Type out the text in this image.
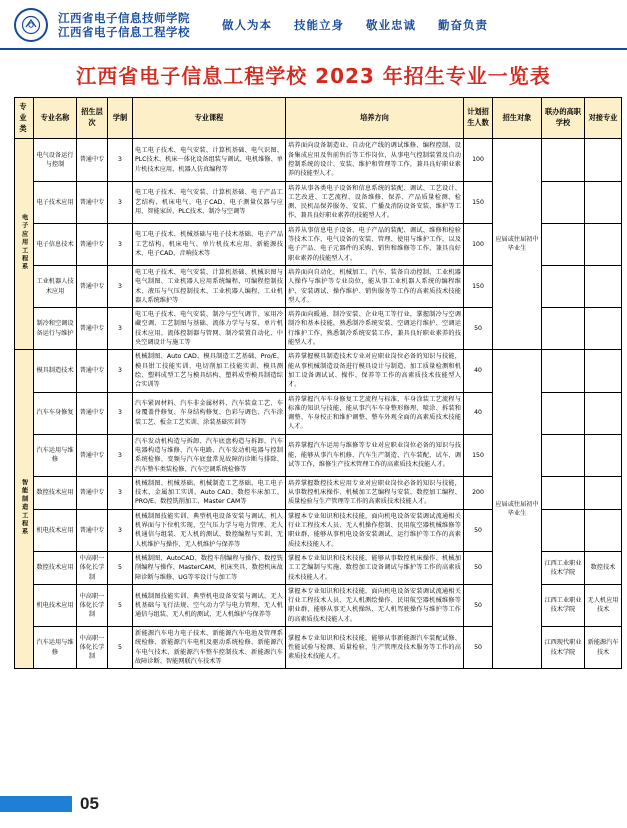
江西省电子信息技师学院
江西省电子信息工程学校	做人为本 技能立身 敬业忠诚 勤奋负责
江西省电子信息工程学校 2023 年招生专业一览表
专业类	专业名称	招生层次	学制	专业课程	培养方向	计划招生人数	招生对象	联办的高职学校	对接专业
电子应用工程系	电气设备运行与控制	普通中专	3	电工电子技术、电气安装、计算机基础、电气识图、PLC技术、机床一体化设备组装与调试、电机维修、单片机技术应用、机器人仿真编程等	培养面向设备制造业、自动化产线的调试维修、编程控制、设备集成应用及售前售后等工作岗位，从事电气控制装置及自动控制系统的设计、安装、维护和管理等工作，兼具良好职业素养的技能型人才。	100	应届或往届初中毕业生		
	电子技术应用	普通中专	3	电工电子技术、电气安装、计算机基础、电子产品工艺结构、机床电气、电子CAD、电子测量仪器与应用、智能家居、PLC技术、制冷与空调等	培养从事各类电子设备和信息系统的装配、调试、工艺设计、工艺改进、工艺流程、设备维修、保养、产品质量检测、检测、民机品保养服务、安装、广播及消防设备安装、维护等工作，兼具良好职业素养的技能型人才。	150			
	电子信息技术	普通中专	3	电工电子技术、机械基础与电子技术基础、电子产品工艺结构、机床电气、单片机技术应用、新能源技术、电子CAD、音响技术等	培养从事信息电子设备、电子产品的装配、调试、维修和检验等技术工作，电气设备的安装、管理、使用与维护工作，以及电子产品、电子元器件的采购、销售和维修等工作，兼具良好职业素养的技能型人才。	100			
	工业机器人技术应用	普通中专	3	电工电子技术、电气安装、计算机基础、机械识图与电气制图、工业机器人应用系统编程、可编程控制技术、液压与气压控制技术、工业机器人编程、工业机器人系统维护等	培养面向自动化、机械加工、汽车、装备自动控制、工业机器人操作与维护等专业岗位，能从事工业机器人系统的编程维护、安装调试、操作维护、销售服务等工作的高素质技术技能型人才。	150			
	制冷和空调设备运行与维护	普通中专	3	电工电子技术、电气安装、制冷与空气调节、家用冷藏空调、工艺制图与基础、流体力学与与泵、单片机技术应用、流体控制器与管网、制冷装置自动化、中央空调设计与施工等	培养面向暖通、制冷安装、企业电工等行业，掌握制冷与空调制冷和基本技能，熟悉制冷系统安装、空调运行维护、空调运行维护工作，熟悉制冷系统安装工作，兼具良好职业素养的技能型人才。	50			
智能制造工程系	模具制造技术	普通中专	3	机械制图、Auto CAD、模具制造工艺基础、Pro/E、模具钳工技能实训、电切削加工技能实训、模具测绘、塑料成型工艺与模具结构、塑料成型模具制造综合实训等	培养掌握模具制造技术专业对应职业岗位必备的知识与技能，能从事机械制造设备进行模具设计与制造、加工质量检测和机加工设备调试试、操作、保养等工作的高素质技术技能型人才。	40	应届或往届初中毕业生		
	汽车车身修复	普通中专	3	汽车紧固材料、汽车非金属材料、汽车装盒工艺、车身覆盖件修复、车身结构修复、色彩与调色、汽车涂装工艺、板金工艺实训、涂装基础实训等	培养掌握汽车车身修复工艺流程与标准、车身涂装工艺流程与标准的知识与技能，能从事汽车车身整形修理、喷涂、拆装和调整、车身校正和维护调整、整车外观全面的高素质技术技能人才。	40			
	汽车运用与维修	普通中专	3	汽车发动机构造与拆卸、汽车底盘构造与拆卸、汽车电器构造与维修、汽车电路、汽车发动机电器与控制系统检修、变频与汽车底盘常见故障的诊断与排除、汽车整车类装检修、汽车空调系统检修等	培养掌握汽车运用与维修等专业对应职业岗位必备的知识与技能，能够从事汽车机修、汽车生产制造、汽车装配、试车、调试等工作，维修生产技术管理工作的高素质技术技能人才。	150			
	数控技术应用	普通中专	3	机械制图、机械基础、机械制造工艺基础、电工电子技术、金属加工实训、Auto CAD、数控车床加工、PRO/E、数控铣削加工、Master CAM等	培养掌握数控技术应用专业对应职业岗位必备的知识与技能，从事数控机床操作、机械加工艺编程与安装、数控加工编程、质量检验与生产管理等工作的高素质技术技能人才。	200			
	机电技术应用	普通中专	3	机械制图技能实训、典型机电设备安装与调试、机人机界面与下位机实现、空气压力学与电力管理、无人机通信与组装、无人机的测试、数控编程与实训、无人机维护与操作、无人机维护与保养等	掌握本专业知识和技术技能，面向机电设备安装调试流通相关行业工程技术人员、无人机操作控制、民用航空器机械维修等职业群，能够从事机电设备安装调试、运行维护等工作的高素质技术技能人才。	50			
	数控技术应用	中高职一体化长学制	5	机械制图、AutoCAD、数控车削编程与操作、数控铣削编程与操作、MasterCAM、机床夹具、数控机床故障诊断与维修、UG等零设计与加工等	掌握本专业知识和技术技能，能够从事数控机床操作、机械加工工艺编制与实施、数控加工设备调试与维护等工作的高素质技术技能人才。	50		江西工业职业技术学院	数控技术
	机电技术应用	中高职一体化长学制	5	机械制图技能实训、典型机电设备安装与调试、无人机基础与飞行法规、空气动力学与电力管理、无人机通信与组装、无人机的测试、无人机维护与保养等	掌握本专业知识和技术技能，面向机电设备安装调试流通相关行业工程技术人员、无人机测绘操作、民用航空器机械维修等职业群，能够从事无人机操纵、无人机驾驶操作与维护等工作的高素质技术技能人才。	50		江西工业职业技术学院	无人机应用技术
	汽车运用与维修	中高职一体化长学制	5	新能源汽车电力电子技术、新能源汽车电池及管理系统检修、新能源汽车电机及驱动系统检修、新能源汽车电气技术、新能源汽车整车控制技术、新能源汽车故障诊断、智能网联汽车技术等	掌握本专业知识和技术技能，能够从事新能源汽车装配试修、性能试验与检测、质量检验、生产管理及技术服务等工作的高素质技术技能人才。	50		江西现代职业技术学院	新能源汽车技术
05
